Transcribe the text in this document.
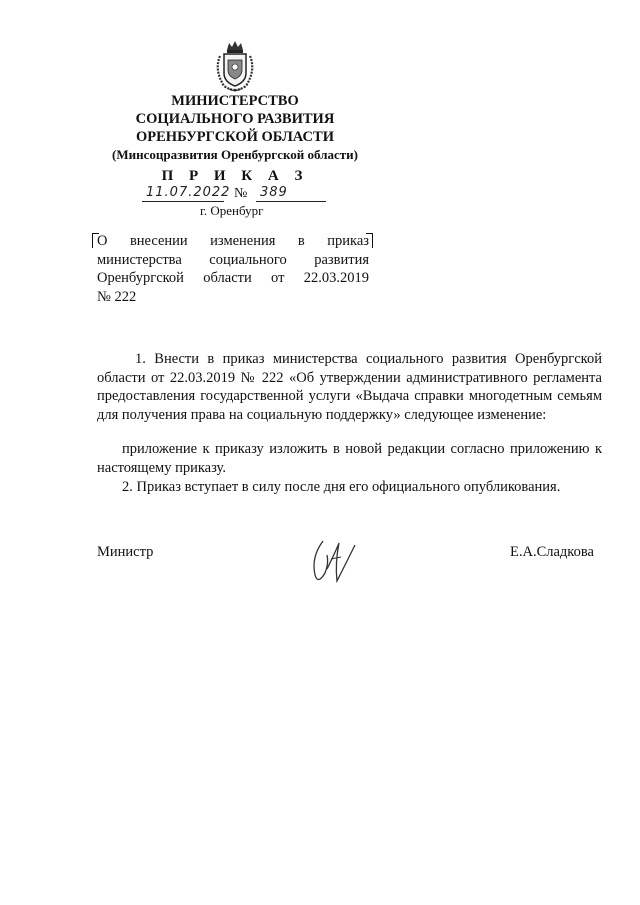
МИНИСТЕРСТВО
СОЦИАЛЬНОГО РАЗВИТИЯ
ОРЕНБУРГСКОЙ ОБЛАСТИ
(Минсоцразвития Оренбургской области)
П Р И К А З
11.07.2022 № 389
г. Оренбург
О внесении изменения в приказ
министерства социального развития
Оренбургской области от 22.03.2019
№ 222
1. Внести в приказ министерства социального развития Оренбургской области от 22.03.2019 № 222 «Об утверждении административного регламента предоставления государственной услуги «Выдача справки многодетным семьям для получения права на социальную поддержку» следующее изменение:
приложение к приказу изложить в новой редакции согласно приложению к настоящему приказу.
2. Приказ вступает в силу после дня его официального опубликования.
Министр	Е.А.Сладкова
